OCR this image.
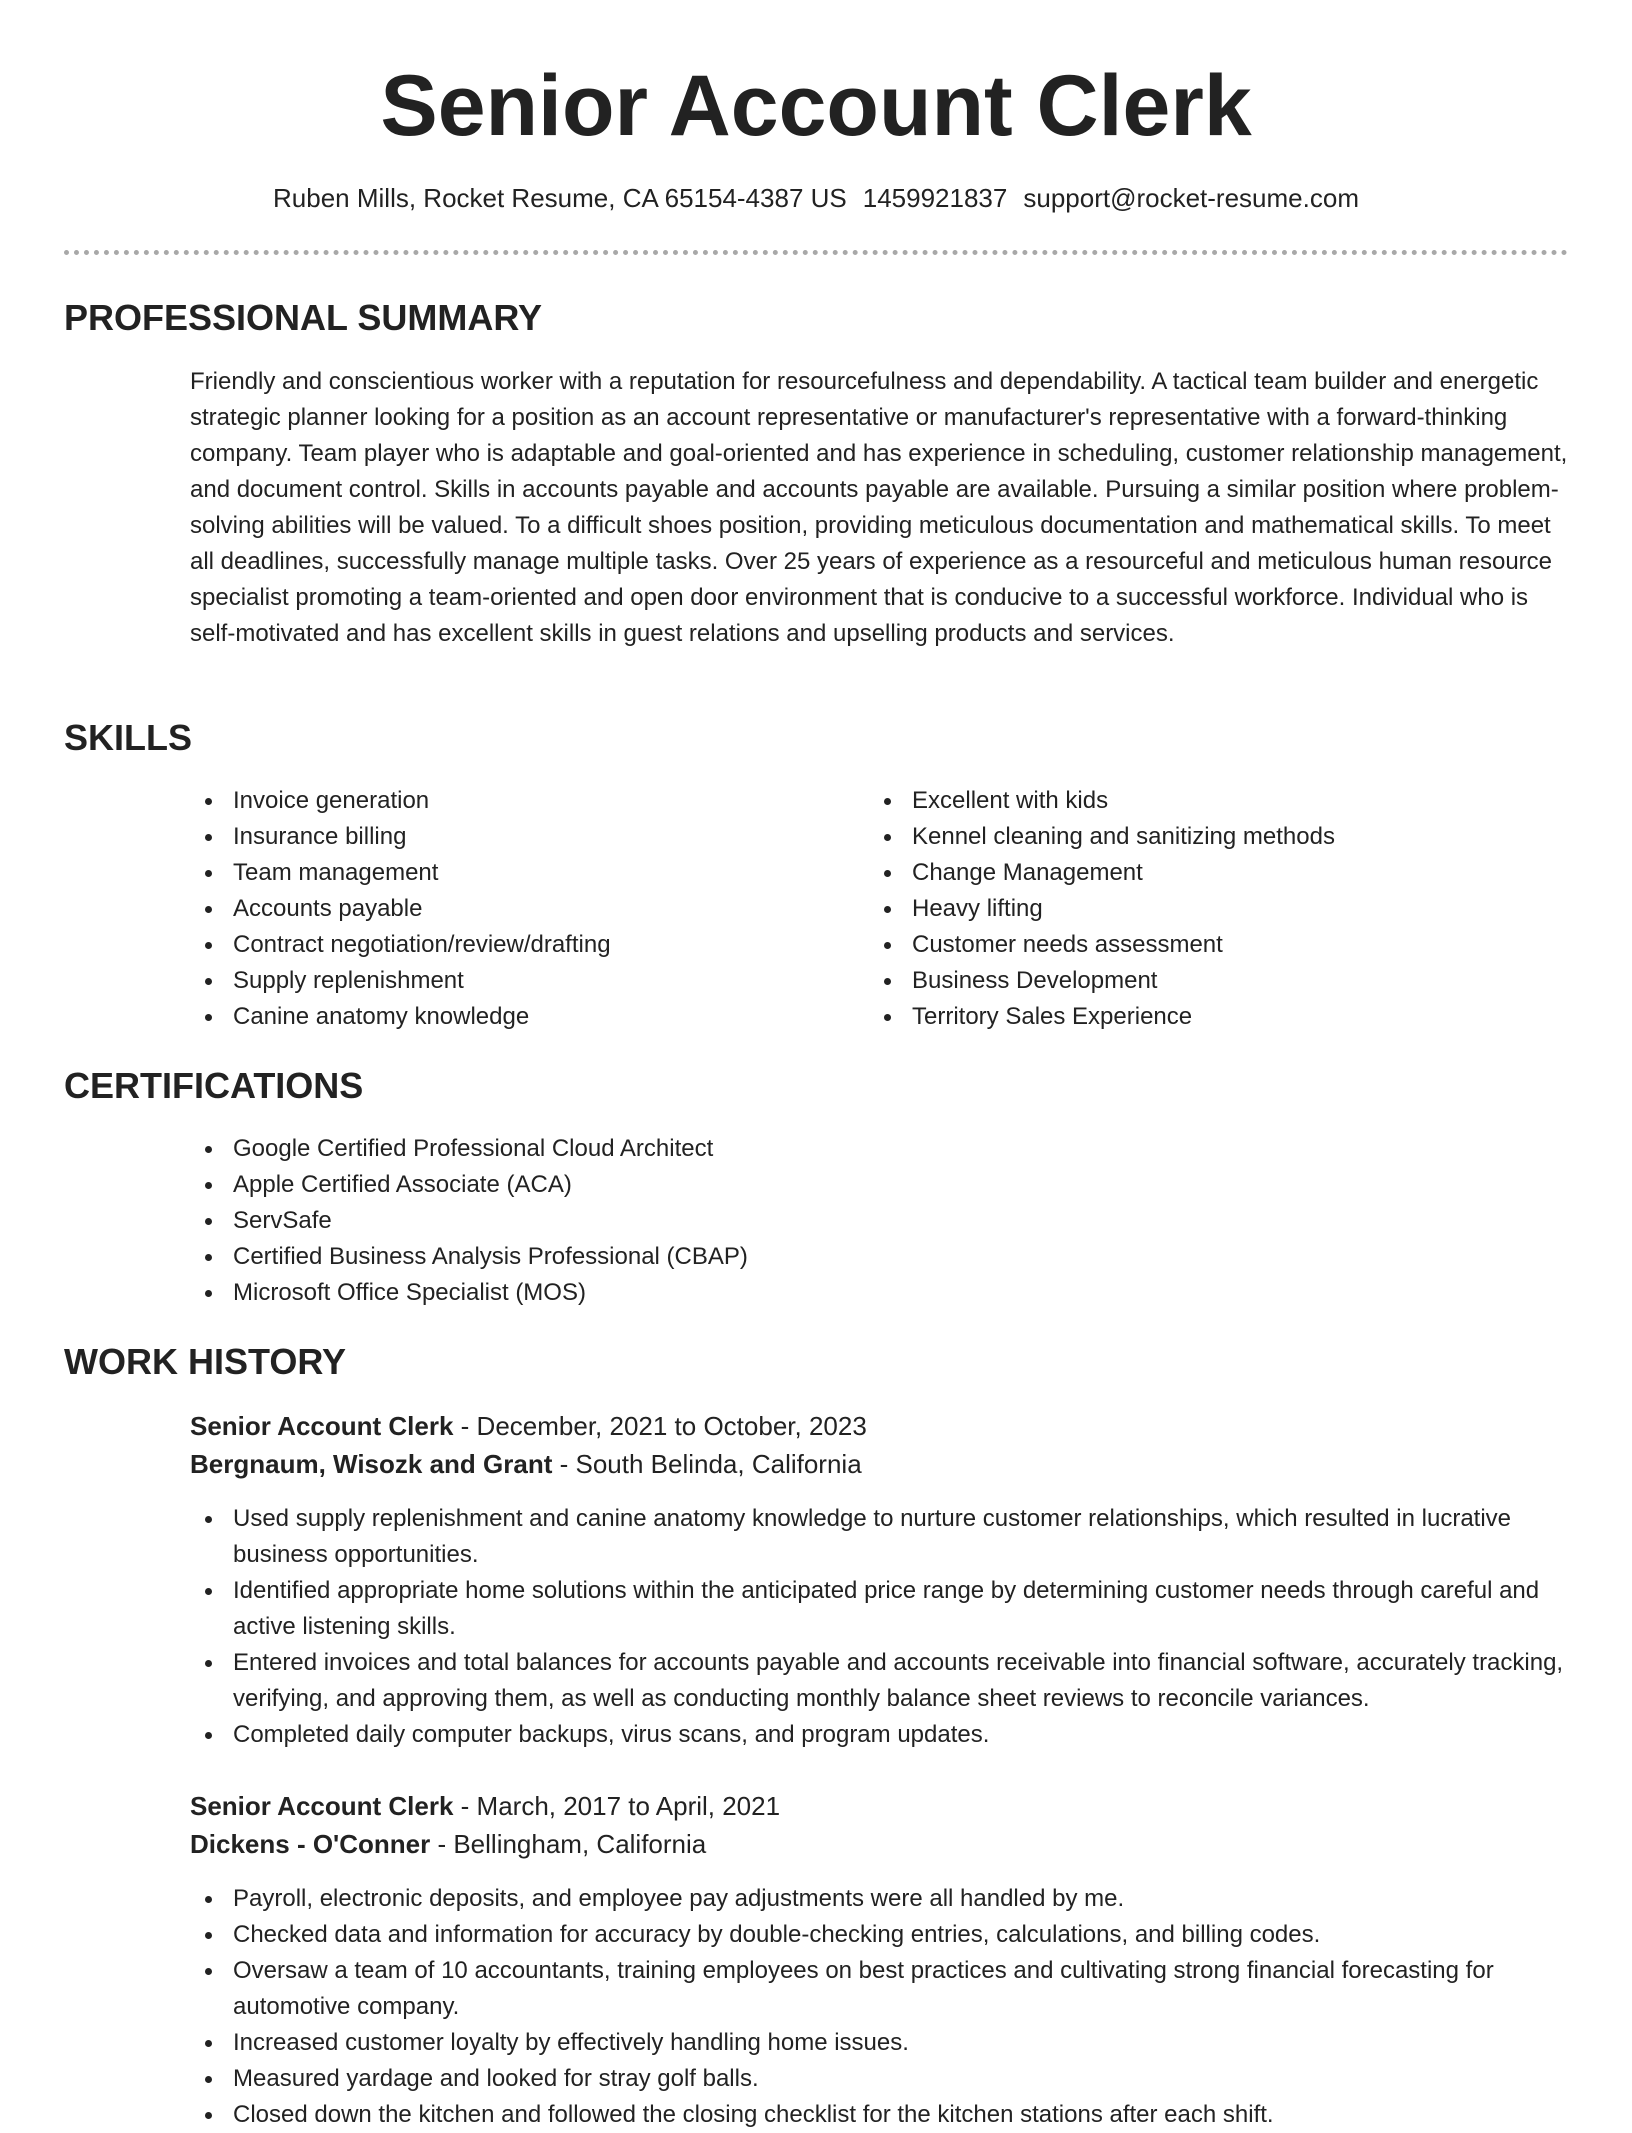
Senior Account Clerk
Ruben Mills, Rocket Resume, CA 65154-4387 US 1459921837 support@rocket-resume.com
PROFESSIONAL SUMMARY
Friendly and conscientious worker with a reputation for resourcefulness and dependability. A tactical team builder and energetic strategic planner looking for a position as an account representative or manufacturer's representative with a forward-thinking company. Team player who is adaptable and goal-oriented and has experience in scheduling, customer relationship management, and document control. Skills in accounts payable and accounts payable are available. Pursuing a similar position where problem-solving abilities will be valued. To a difficult shoes position, providing meticulous documentation and mathematical skills. To meet all deadlines, successfully manage multiple tasks. Over 25 years of experience as a resourceful and meticulous human resource specialist promoting a team-oriented and open door environment that is conducive to a successful workforce. Individual who is self-motivated and has excellent skills in guest relations and upselling products and services.
SKILLS
Invoice generation
Insurance billing
Team management
Accounts payable
Contract negotiation/review/drafting
Supply replenishment
Canine anatomy knowledge
Excellent with kids
Kennel cleaning and sanitizing methods
Change Management
Heavy lifting
Customer needs assessment
Business Development
Territory Sales Experience
CERTIFICATIONS
Google Certified Professional Cloud Architect
Apple Certified Associate (ACA)
ServSafe
Certified Business Analysis Professional (CBAP)
Microsoft Office Specialist (MOS)
WORK HISTORY
Senior Account Clerk - December, 2021 to October, 2023
Bergnaum, Wisozk and Grant - South Belinda, California
Used supply replenishment and canine anatomy knowledge to nurture customer relationships, which resulted in lucrative business opportunities.
Identified appropriate home solutions within the anticipated price range by determining customer needs through careful and active listening skills.
Entered invoices and total balances for accounts payable and accounts receivable into financial software, accurately tracking, verifying, and approving them, as well as conducting monthly balance sheet reviews to reconcile variances.
Completed daily computer backups, virus scans, and program updates.
Senior Account Clerk - March, 2017 to April, 2021
Dickens - O'Conner - Bellingham, California
Payroll, electronic deposits, and employee pay adjustments were all handled by me.
Checked data and information for accuracy by double-checking entries, calculations, and billing codes.
Oversaw a team of 10 accountants, training employees on best practices and cultivating strong financial forecasting for automotive company.
Increased customer loyalty by effectively handling home issues.
Measured yardage and looked for stray golf balls.
Closed down the kitchen and followed the closing checklist for the kitchen stations after each shift.
